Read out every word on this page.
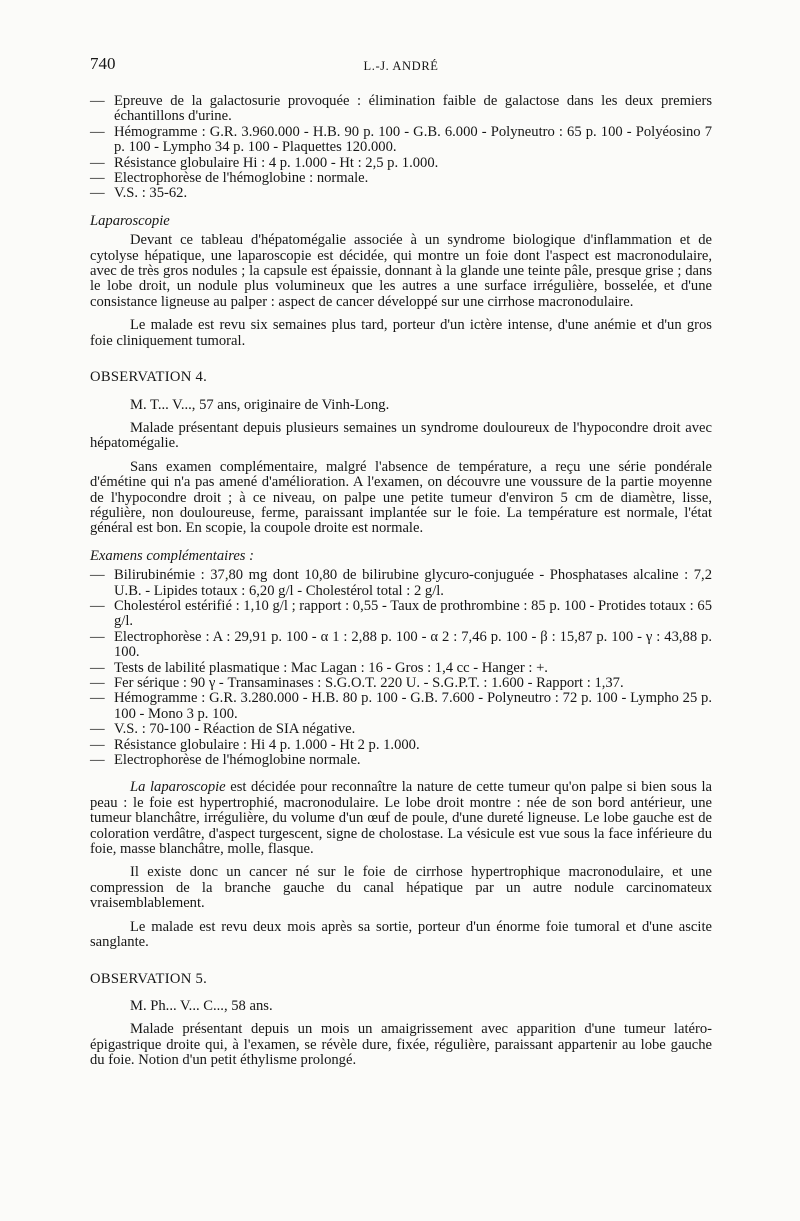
740	L.-J. ANDRÉ
— Epreuve de la galactosurie provoquée : élimination faible de galactose dans les deux premiers échantillons d'urine.
— Hémogramme : G.R. 3.960.000 - H.B. 90 p. 100 - G.B. 6.000 - Polyneutro : 65 p. 100 - Polyéosino 7 p. 100 - Lympho 34 p. 100 - Plaquettes 120.000.
— Résistance globulaire Hi : 4 p. 1.000 - Ht : 2,5 p. 1.000.
— Electrophorèse de l'hémoglobine : normale.
— V.S. : 35-62.

Laparoscopie

Devant ce tableau d'hépatomégalie associée à un syndrome biologique d'inflammation et de cytolyse hépatique, une laparoscopie est décidée, qui montre un foie dont l'aspect est macronodulaire, avec de très gros nodules ; la capsule est épaissie, donnant à la glande une teinte pâle, presque grise ; dans le lobe droit, un nodule plus volumineux que les autres a une surface irrégulière, bosselée, et d'une consistance ligneuse au palper : aspect de cancer développé sur une cirrhose macronodulaire.

Le malade est revu six semaines plus tard, porteur d'un ictère intense, d'une anémie et d'un gros foie cliniquement tumoral.

OBSERVATION 4.

M. T... V..., 57 ans, originaire de Vinh-Long.

Malade présentant depuis plusieurs semaines un syndrome douloureux de l'hypocondre droit avec hépatomégalie.

Sans examen complémentaire, malgré l'absence de température, a reçu une série pondérale d'émétine qui n'a pas amené d'amélioration. A l'examen, on découvre une voussure de la partie moyenne de l'hypocondre droit ; à ce niveau, on palpe une petite tumeur d'environ 5 cm de diamètre, lisse, régulière, non douloureuse, ferme, paraissant implantée sur le foie. La température est normale, l'état général est bon. En scopie, la coupole droite est normale.

Examens complémentaires :

— Bilirubinémie : 37,80 mg dont 10,80 de bilirubine glycuro-conjuguée - Phosphatases alcaline : 7,2 U.B. - Lipides totaux : 6,20 g/l - Cholestérol total : 2 g/l.
— Cholestérol estérifié : 1,10 g/l ; rapport : 0,55 - Taux de prothrombine : 85 p. 100 - Protides totaux : 65 g/l.
— Electrophorèse : A : 29,91 p. 100 - α 1 : 2,88 p. 100 - α 2 : 7,46 p. 100 - β : 15,87 p. 100 - γ : 43,88 p. 100.
— Tests de labilité plasmatique : Mac Lagan : 16 - Gros : 1,4 cc - Hanger : +.
— Fer sérique : 90 γ - Transaminases : S.G.O.T. 220 U. - S.G.P.T. : 1.600 - Rapport : 1,37.
— Hémogramme : G.R. 3.280.000 - H.B. 80 p. 100 - G.B. 7.600 - Polyneutro : 72 p. 100 - Lympho 25 p. 100 - Mono 3 p. 100.
— V.S. : 70-100 - Réaction de SIA négative.
— Résistance globulaire : Hi 4 p. 1.000 - Ht 2 p. 1.000.
— Electrophorèse de l'hémoglobine normale.

La laparoscopie est décidée pour reconnaître la nature de cette tumeur qu'on palpe si bien sous la peau : le foie est hypertrophié, macronodulaire. Le lobe droit montre : née de son bord antérieur, une tumeur blanchâtre, irrégulière, du volume d'un œuf de poule, d'une dureté ligneuse. Le lobe gauche est de coloration verdâtre, d'aspect turgescent, signe de cholostase. La vésicule est vue sous la face inférieure du foie, masse blanchâtre, molle, flasque.

Il existe donc un cancer né sur le foie de cirrhose hypertrophique macronodulaire, et une compression de la branche gauche du canal hépatique par un autre nodule carcinomateux vraisemblablement.

Le malade est revu deux mois après sa sortie, porteur d'un énorme foie tumoral et d'une ascite sanglante.

OBSERVATION 5.

M. Ph... V... C..., 58 ans.

Malade présentant depuis un mois un amaigrissement avec apparition d'une tumeur latéro-épigastrique droite qui, à l'examen, se révèle dure, fixée, régulière, paraissant appartenir au lobe gauche du foie. Notion d'un petit éthylisme prolongé.
